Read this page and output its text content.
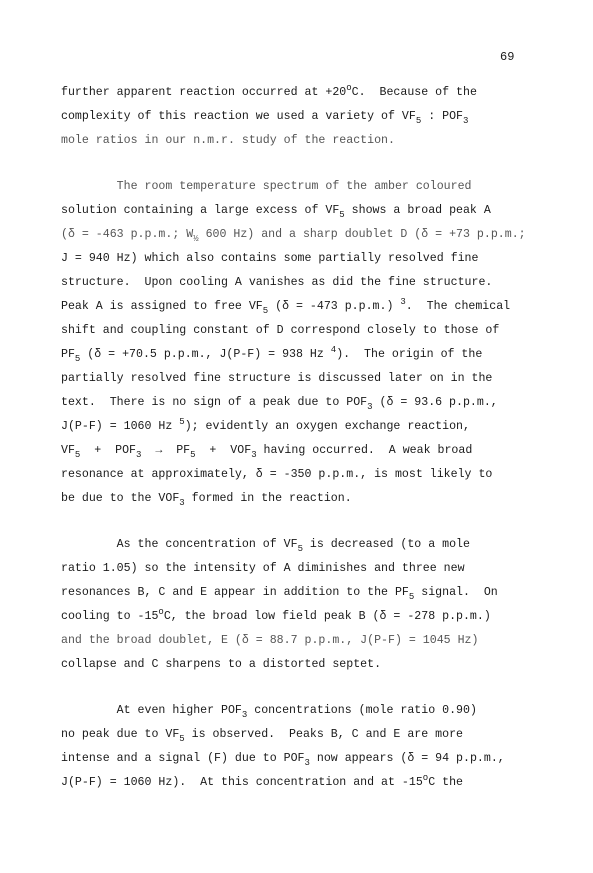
69
further apparent reaction occurred at $+20^oC$.  Because of the
complexity of this reaction we used a variety of $VF_5$ : $POF_3$
mole ratios in our n.m.r. study of the reaction.
The room temperature spectrum of the amber coloured
solution containing a large excess of $VF_5$ shows a broad peak A
(δ = -463 p.p.m.; $W_{\frac{1}{2}}$ 600 Hz) and a sharp doublet D (δ = +73 p.p.m.;
J = 940 Hz) which also contains some partially resolved fine
structure.  Upon cooling A vanishes as did the fine structure.
Peak A is assigned to free $VF_5$ (δ = -473 p.p.m.) $^3$.  The chemical
shift and coupling constant of D correspond closely to those of
$PF_5$ (δ = +70.5 p.p.m., J(P-F) = 938 Hz $^4$).  The origin of the
partially resolved fine structure is discussed later on in the
text.  There is no sign of a peak due to $POF_3$ (δ = 93.6 p.p.m.,
J(P-F) = 1060 Hz $^5$); evidently an oxygen exchange reaction,
$VF_5 + POF_3 \to PF_5 + VOF_3$ having occurred.  A weak broad
resonance at approximately, δ = -350 p.p.m., is most likely to
be due to the $VOF_3$ formed in the reaction.
As the concentration of $VF_5$ is decreased (to a mole
ratio 1.05) so the intensity of A diminishes and three new
resonances B, C and E appear in addition to the $PF_5$ signal.  On
cooling to -15$^o$C, the broad low field peak B (δ = -278 p.p.m.)
and the broad doublet, E (δ = 88.7 p.p.m., J(P-F) = 1045 Hz)
collapse and C sharpens to a distorted septet.
At even higher $POF_3$ concentrations (mole ratio 0.90)
no peak due to $VF_5$ is observed.  Peaks B, C and E are more
intense and a signal (F) due to $POF_3$ now appears (δ = 94 p.p.m.,
J(P-F) = 1060 Hz).  At this concentration and at -15$^o$C the
